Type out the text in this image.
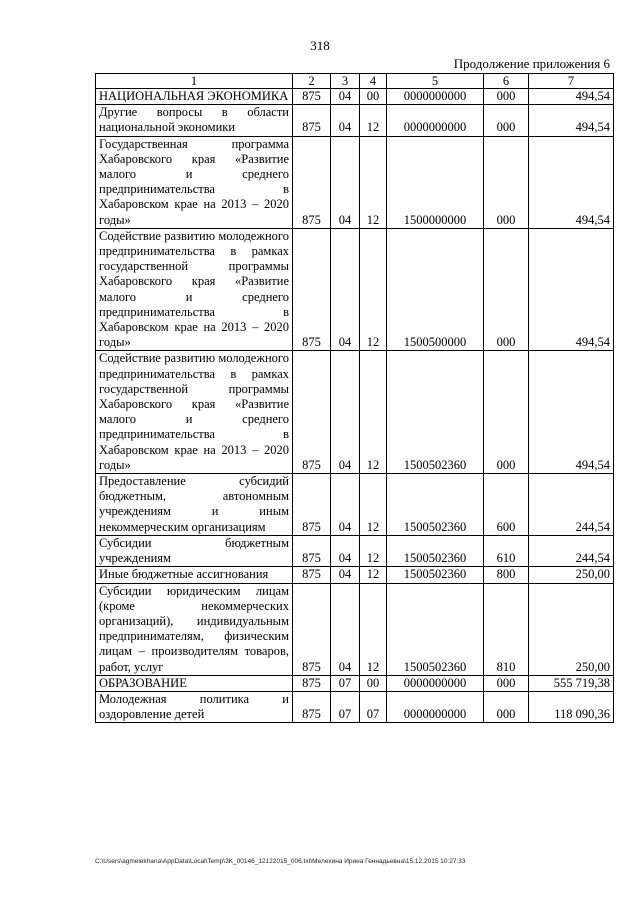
318
Продолжение приложения 6
1	2	3	4	5	6	7
НАЦИОНАЛЬНАЯ ЭКОНОМИКА	875	04	00	0000000000	000	494,54
Другие вопросы в области национальной экономики	875	04	12	0000000000	000	494,54
Государственная программа Хабаровского края «Развитие малого и среднего предпринимательства в Хабаровском крае на 2013 – 2020 годы»	875	04	12	1500000000	000	494,54
Содействие развитию молодежного предпринимательства в рамках государственной программы Хабаровского края «Развитие малого и среднего предпринимательства в Хабаровском крае на 2013 – 2020 годы»	875	04	12	1500500000	000	494,54
Содействие развитию молодежного предпринимательства в рамках государственной программы Хабаровского края «Развитие малого и среднего предпринимательства в Хабаровском крае на 2013 – 2020 годы»	875	04	12	1500502360	000	494,54
Предоставление субсидий бюджетным, автономным учреждениям и иным некоммерческим организациям	875	04	12	1500502360	600	244,54
Субсидии бюджетным учреждениям	875	04	12	1500502360	610	244,54
Иные бюджетные ассигнования	875	04	12	1500502360	800	250,00
Субсидии юридическим лицам (кроме некоммерческих организаций), индивидуальным предпринимателям, физическим лицам – производителям товаров, работ, услуг	875	04	12	1500502360	810	250,00
ОБРАЗОВАНИЕ	875	07	00	0000000000	000	555 719,38
Молодежная политика и оздоровление детей	875	07	07	0000000000	000	118 090,36
C:\Users\agmelekhana\AppData\Local\Temp\3K_00146_12122015_006.txt\Мелехина Ирина Геннадьевна\15.12.2015 10:27:33
